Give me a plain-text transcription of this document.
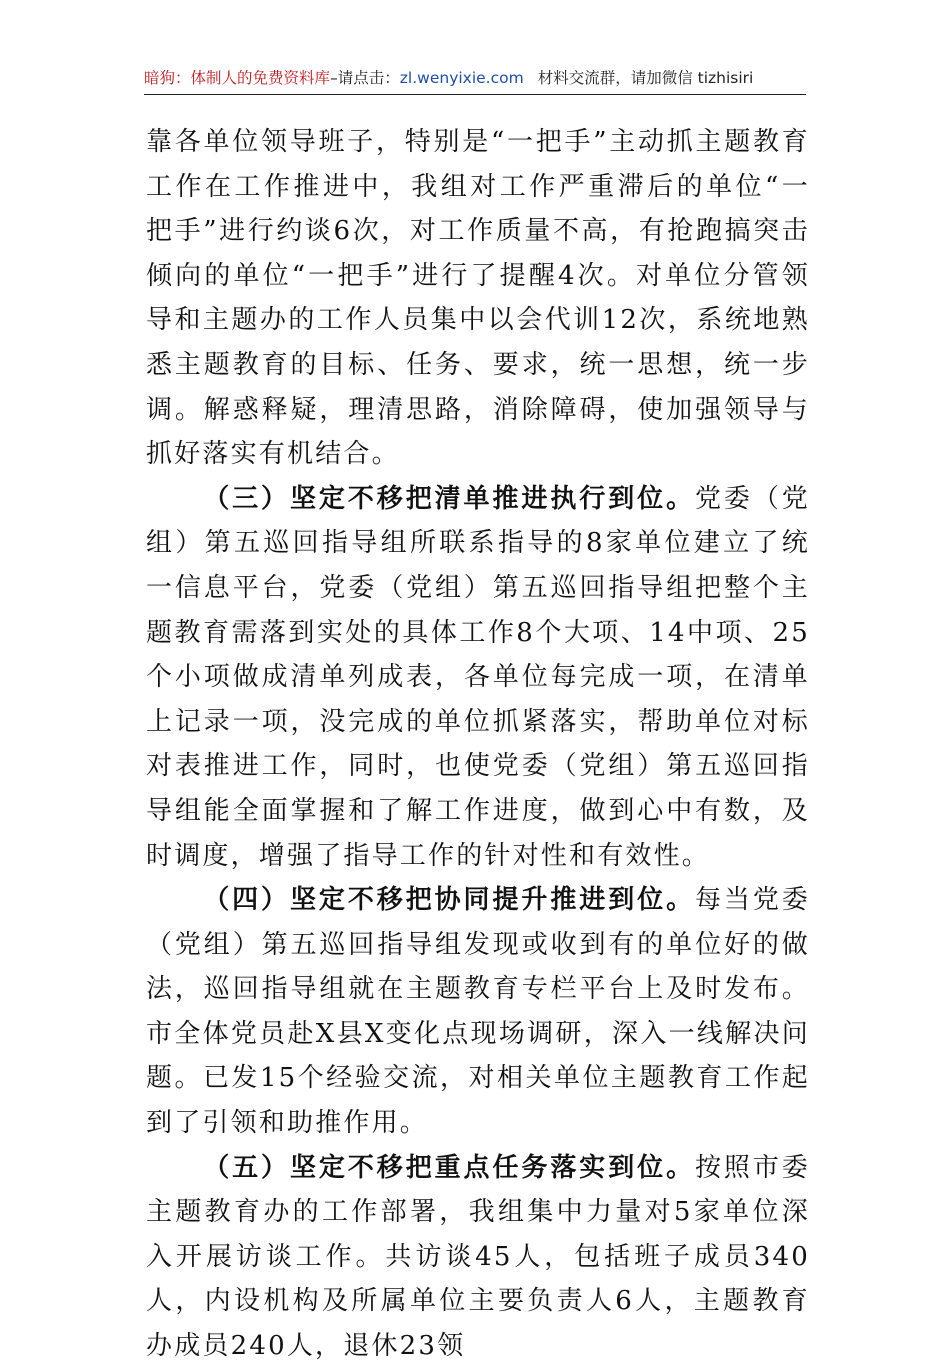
暗狗：体制人的免费资料库–请点击：zl.wenyixie.com 材料交流群，请加微信 tizhisiri

靠各单位领导班子，特别是“一把手”主动抓主题教育工作在工作推进中，我组对工作严重滞后的单位“一把手”进行约谈6次，对工作质量不高，有抢跑搞突击倾向的单位“一把手”进行了提醒4次。对单位分管领导和主题办的工作人员集中以会代训12次，系统地熟悉主题教育的目标、任务、要求，统一思想，统一步调。解惑释疑，理清思路，消除障碍，使加强领导与抓好落实有机结合。

（三）坚定不移把清单推进执行到位。党委（党组）第五巡回指导组所联系指导的8家单位建立了统一信息平台，党委（党组）第五巡回指导组把整个主题教育需落到实处的具体工作8个大项、14中项、25个小项做成清单列成表，各单位每完成一项，在清单上记录一项，没完成的单位抓紧落实，帮助单位对标对表推进工作，同时，也使党委（党组）第五巡回指导组能全面掌握和了解工作进度，做到心中有数，及时调度，增强了指导工作的针对性和有效性。

（四）坚定不移把协同提升推进到位。每当党委（党组）第五巡回指导组发现或收到有的单位好的做法，巡回指导组就在主题教育专栏平台上及时发布。市全体党员赴X县X变化点现场调研，深入一线解决问题。已发15个经验交流，对相关单位主题教育工作起到了引领和助推作用。

（五）坚定不移把重点任务落实到位。按照市委主题教育办的工作部署，我组集中力量对5家单位深入开展访谈工作。共访谈45人，包括班子成员340人，内设机构及所属单位主要负责人6人，主题教育办成员240人，退休23领
